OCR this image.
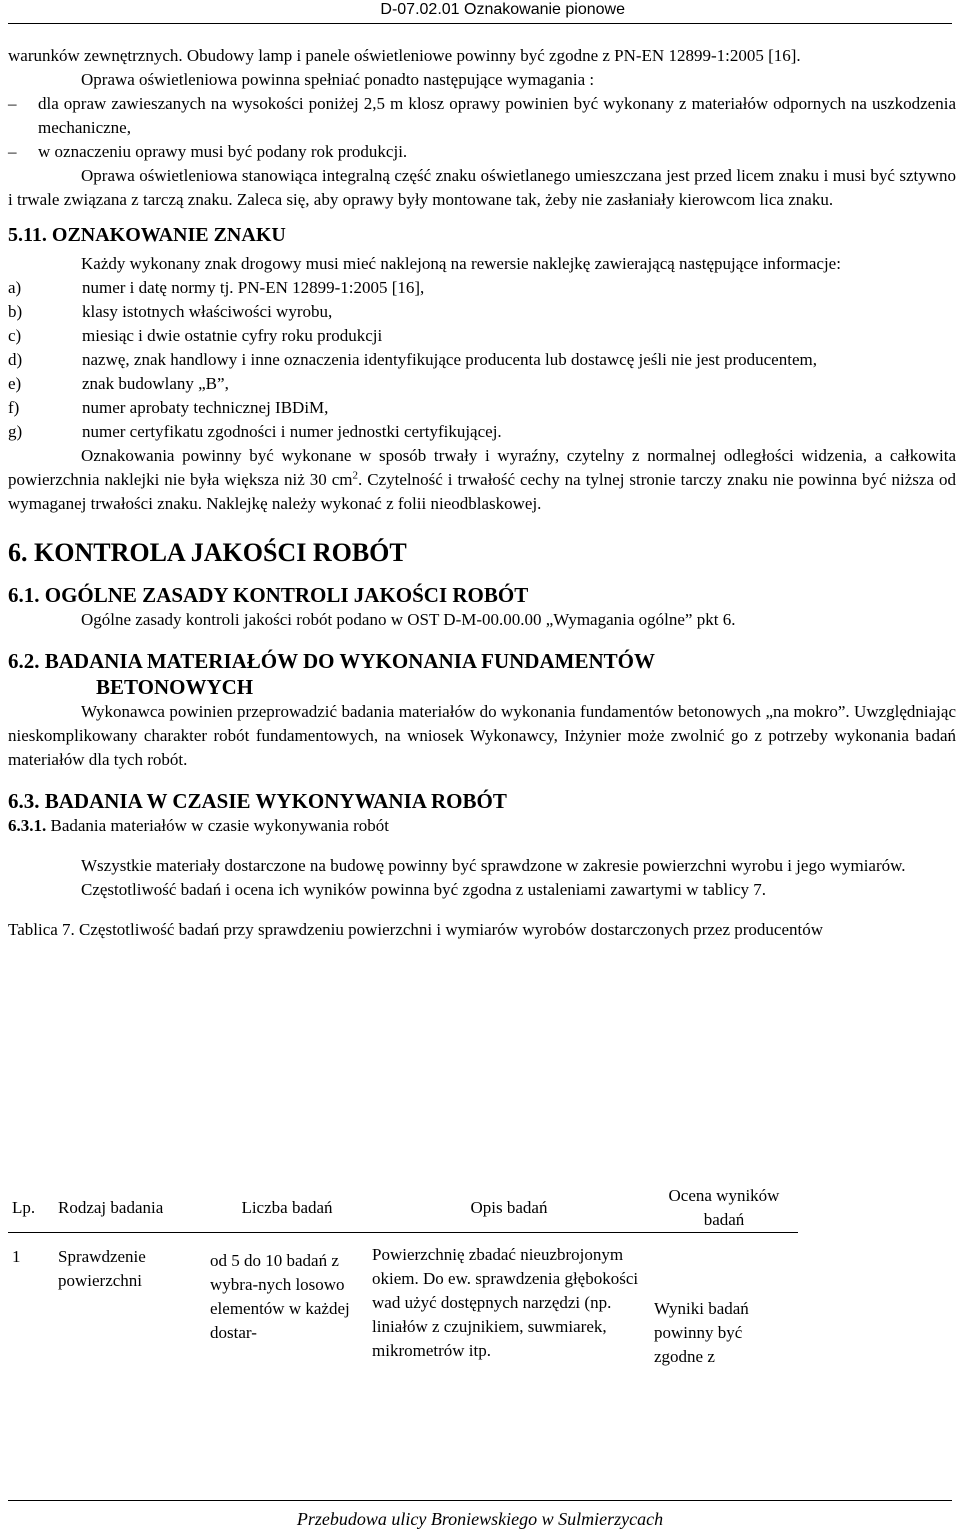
D-07.02.01 Oznakowanie pionowe

warunków zewnętrznych. Obudowy lamp i panele oświetleniowe powinny być zgodne z PN-EN 12899-1:2005 [16].

Oprawa oświetleniowa powinna spełniać ponadto następujące wymagania :

– dla opraw zawieszanych na wysokości poniżej 2,5 m klosz oprawy powinien być wykonany z materiałów odpornych na uszkodzenia mechaniczne,

– w oznaczeniu oprawy musi być podany rok produkcji.

Oprawa oświetleniowa stanowiąca integralną część znaku oświetlanego umieszczana jest przed licem znaku i musi być sztywno i trwale związana z tarczą znaku. Zaleca się, aby oprawy były montowane tak, żeby nie zasłaniały kierowcom lica znaku.

5.11. OZNAKOWANIE ZNAKU

Każdy wykonany znak drogowy musi mieć naklejoną na rewersie naklejkę zawierającą następujące informacje:

a)	numer i datę normy tj. PN-EN 12899-1:2005 [16],
b)	klasy istotnych właściwości wyrobu,
c)	miesiąc i dwie ostatnie cyfry roku produkcji
d)	nazwę, znak handlowy i inne oznaczenia identyfikujące producenta lub dostawcę jeśli nie jest producentem,
e)	znak budowlany „B”,
f)	numer aprobaty technicznej IBDiM,
g)	numer certyfikatu zgodności i numer jednostki certyfikującej.

Oznakowania powinny być wykonane w sposób trwały i wyraźny, czytelny z normalnej odległości widzenia, a całkowita powierzchnia naklejki nie była większa niż 30 $cm^2$. Czytelność i trwałość cechy na tylnej stronie tarczy znaku nie powinna być niższa od wymaganej trwałości znaku. Naklejkę należy wykonać z folii nieodblaskowej.

6. KONTROLA JAKOŚCI ROBÓT

6.1. OGÓLNE ZASADY KONTROLI JAKOŚCI ROBÓT

Ogólne zasady kontroli jakości robót podano w OST D-M-00.00.00 „Wymagania ogólne” pkt 6.

6.2. BADANIA MATERIAŁÓW DO WYKONANIA FUNDAMENTÓW

BETONOWYCH

Wykonawca powinien przeprowadzić badania materiałów do wykonania fundamentów betonowych „na mokro”. Uwzględniając nieskomplikowany charakter robót fundamentowych, na wniosek Wykonawcy, Inżynier może zwolnić go z potrzeby wykonania badań materiałów dla tych robót.

6.3. BADANIA W CZASIE WYKONYWANIA ROBÓT

6.3.1. Badania materiałów w czasie wykonywania robót

Wszystkie materiały dostarczone na budowę powinny być sprawdzone w zakresie powierzchni wyrobu i jego wymiarów.

Częstotliwość badań i ocena ich wyników powinna być zgodna z ustaleniami zawartymi w tablicy 7.

Tablica 7. Częstotliwość badań przy sprawdzeniu powierzchni i wymiarów wyrobów dostarczonych przez producentów

Lp.	Rodzaj badania	Liczba badań	Opis badań	Ocena wyników badań
1	Sprawdzenie powierzchni	od 5 do 10 badań z wybra-nych losowo elementów w każdej dostar-	Powierzchnię zbadać nieuzbrojonym okiem. Do ew. sprawdzenia głębokości wad użyć dostępnych narzędzi (np. liniałów z czujnikiem, suwmiarek, mikrometrów itp.	Wyniki badań powinny być zgodne z
Przebudowa ulicy Broniewskiego w Sulmierzycach
